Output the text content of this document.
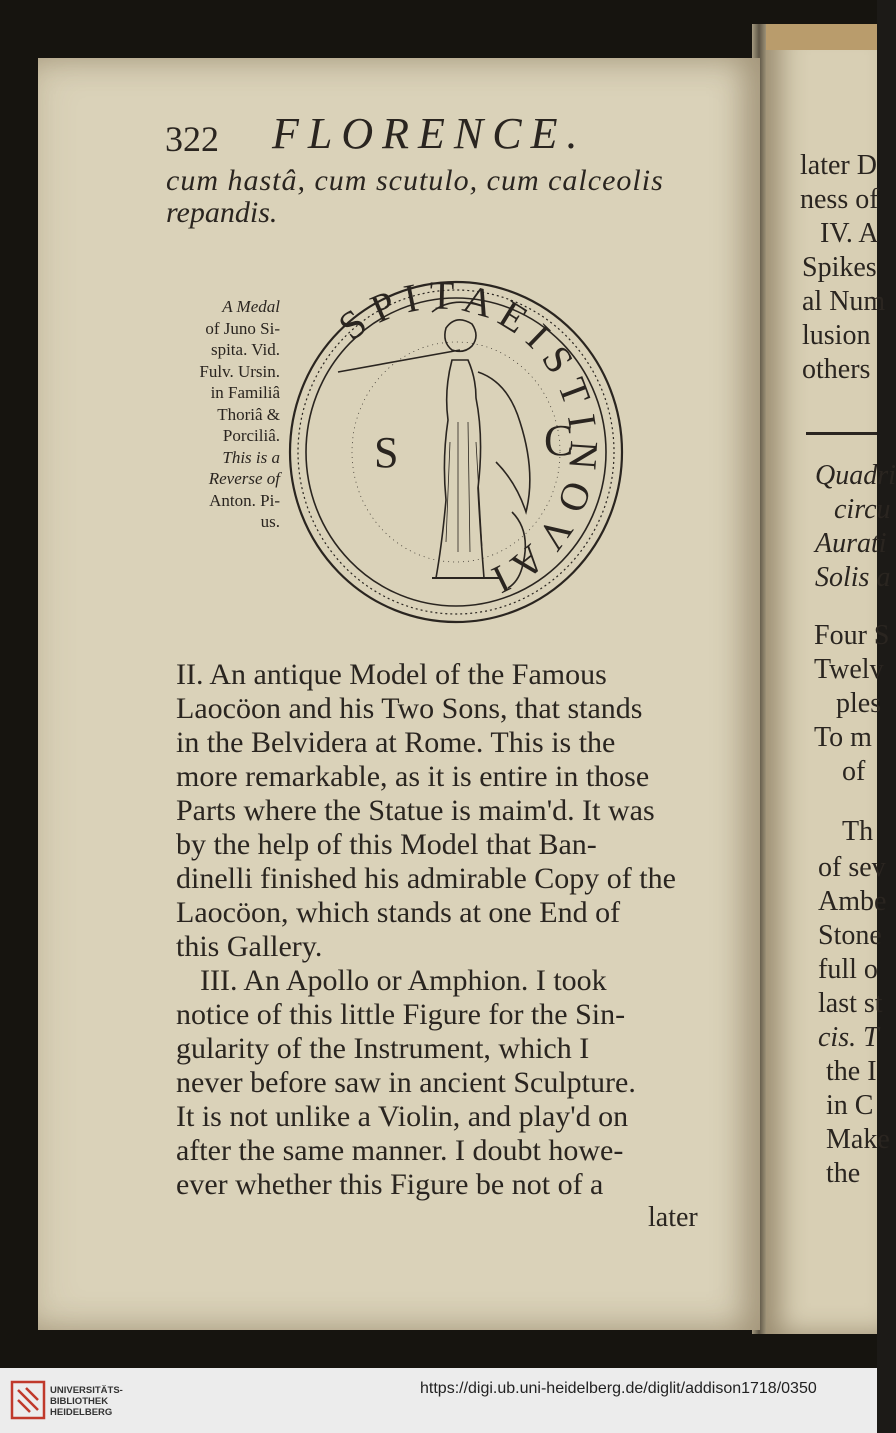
322 FLORENCE.
cum hastâ, cum scutulo, cum calceolis
repandis.
A Medal
of Juno Si-
spita. Vid.
Fulv. Ursin.
in Familiâ
Thoriâ &
Porciliâ.
This is a
Reverse of
Anton. Pi-
us.
S P I T A E I S T I N O V A I
S	C
II. An antique Model of the Famous
Laocöon and his Two Sons, that stands
in the Belvidera at Rome. This is the
more remarkable, as it is entire in those
Parts where the Statue is maim'd. It was
by the help of this Model that Ban-
dinelli finished his admirable Copy of the
Laocöon, which stands at one End of
this Gallery.
III. An Apollo or Amphion. I took
notice of this little Figure for the Sin-
gularity of the Instrument, which I
never before saw in ancient Sculpture.
It is not unlike a Violin, and play'd on
after the same manner. I doubt howe-
ever whether this Figure be not of a
later
later D
ness of
IV. A
Spikes
al Num
lusion
others
Quadri
circu
Aurati
Solis a
Four S
Twelv
ples
To m
of
Th
of sev
Ambe
Stone
full o
last st
cis. T
the I
in C
Make
the
UNIVERSITÄTS-
BIBLIOTHEK
HEIDELBERG
https://digi.ub.uni-heidelberg.de/diglit/addison1718/0350
